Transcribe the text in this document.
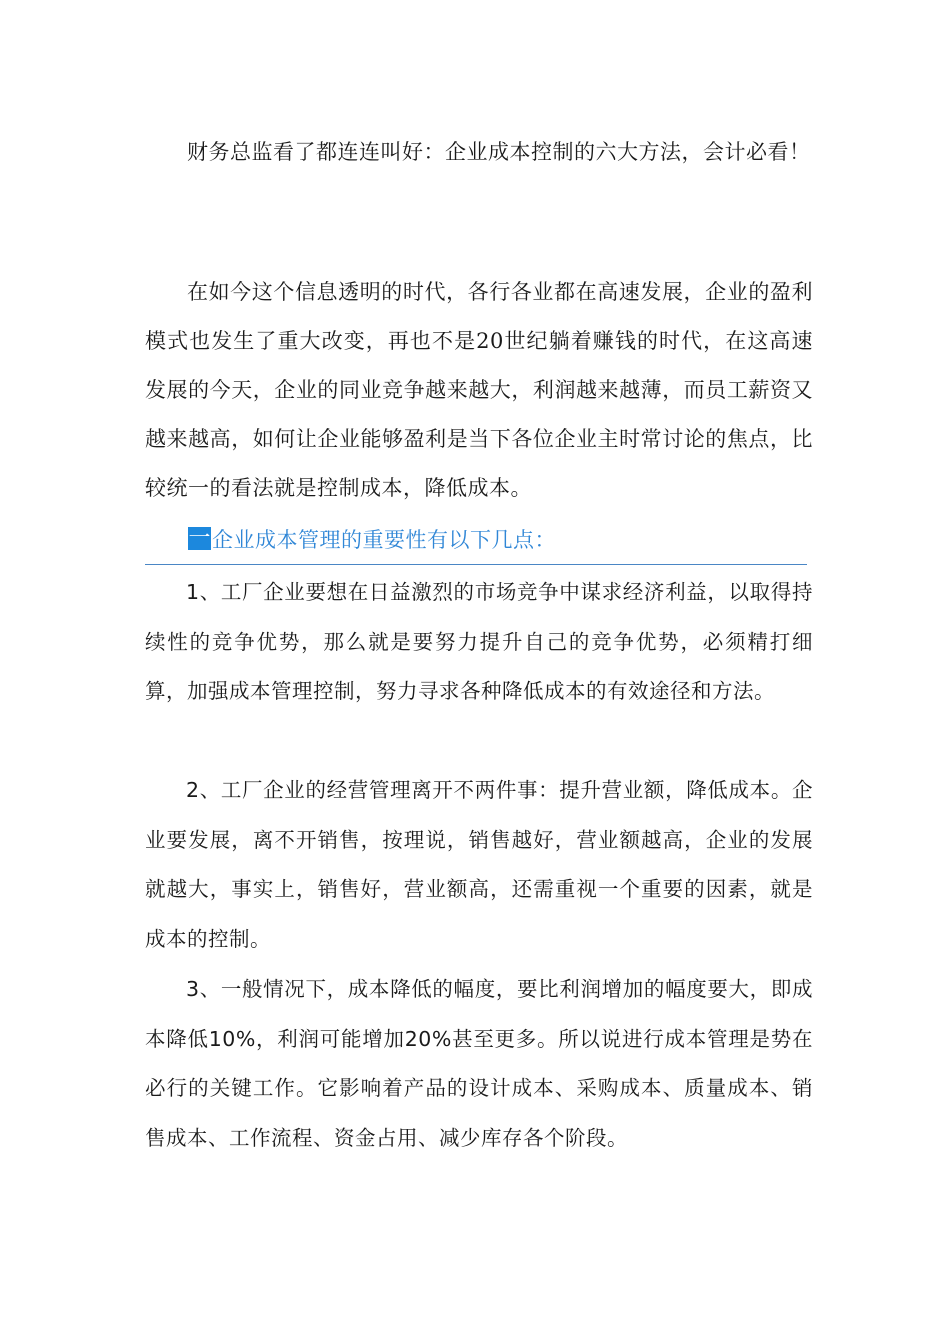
财务总监看了都连连叫好：企业成本控制的六大方法，会计必看！

在如今这个信息透明的时代，各行各业都在高速发展，企业的盈利模式也发生了重大改变，再也不是20世纪躺着赚钱的时代，在这高速发展的今天，企业的同业竞争越来越大，利润越来越薄，而员工薪资又越来越高，如何让企业能够盈利是当下各位企业主时常讨论的焦点，比较统一的看法就是控制成本，降低成本。

一 企业成本管理的重要性有以下几点：

1、工厂企业要想在日益激烈的市场竞争中谋求经济利益，以取得持续性的竞争优势，那么就是要努力提升自己的竞争优势，必须精打细算，加强成本管理控制，努力寻求各种降低成本的有效途径和方法。

2、工厂企业的经营管理离开不两件事：提升营业额，降低成本。企业要发展，离不开销售，按理说，销售越好，营业额越高，企业的发展就越大，事实上，销售好，营业额高，还需重视一个重要的因素，就是成本的控制。

3、一般情况下，成本降低的幅度，要比利润增加的幅度要大，即成本降低10%，利润可能增加20%甚至更多。所以说进行成本管理是势在必行的关键工作。它影响着产品的设计成本、采购成本、质量成本、销售成本、工作流程、资金占用、减少库存各个阶段。
